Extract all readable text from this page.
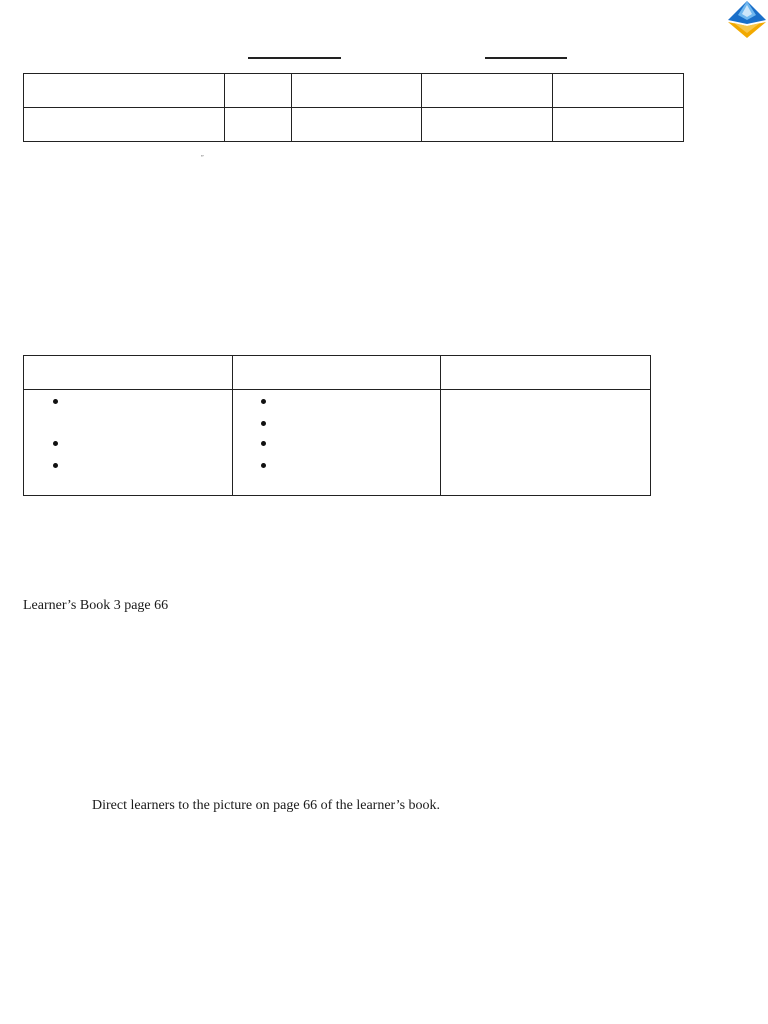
”

Learner’s Book 3 page 66
Direct learners to the picture on page 66 of the learner’s book.
